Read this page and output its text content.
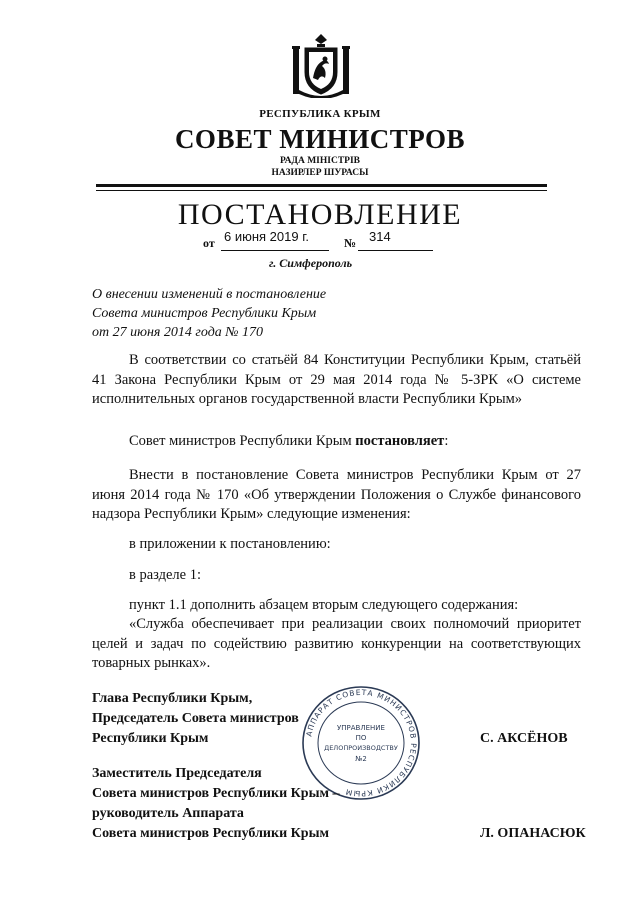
РЕСПУБЛИКА КРЫМ
СОВЕТ МИНИСТРОВ
РАДА МІНІСТРІВ
НАЗИРЛЕР ШУРАСЫ
ПОСТАНОВЛЕНИЕ
от 6 июня 2019 г.	№ 314
г. Симферополь
О внесении изменений в постановление
Совета министров Республики Крым
от 27 июня 2014 года № 170
В соответствии со статьёй 84 Конституции Республики Крым, статьёй 41 Закона Республики Крым от 29 мая 2014 года № 5-ЗРК «О системе исполнительных органов государственной власти Республики Крым»
Совет министров Республики Крым постановляет:
Внести в постановление Совета министров Республики Крым от 27 июня 2014 года № 170 «Об утверждении Положения о Службе финансового надзора Республики Крым» следующие изменения:
в приложении к постановлению:
в разделе 1:
пункт 1.1 дополнить абзацем вторым следующего содержания:
«Служба обеспечивает при реализации своих полномочий приоритет целей и задач по содействию развитию конкуренции на соответствующих товарных рынках».
АППАРАТ СОВЕТА МИНИСТРОВ РЕСПУБЛИКИ КРЫМ
УПРАВЛЕНИЕ
ПО
ДЕЛОПРОИЗВОДСТВУ
№2
Глава Республики Крым,
Председатель Совета министров
Республики Крым	С. АКСЁНОВ
Заместитель Председателя
Совета министров Республики Крым –
руководитель Аппарата
Совета министров Республики Крым	Л. ОПАНАСЮК
